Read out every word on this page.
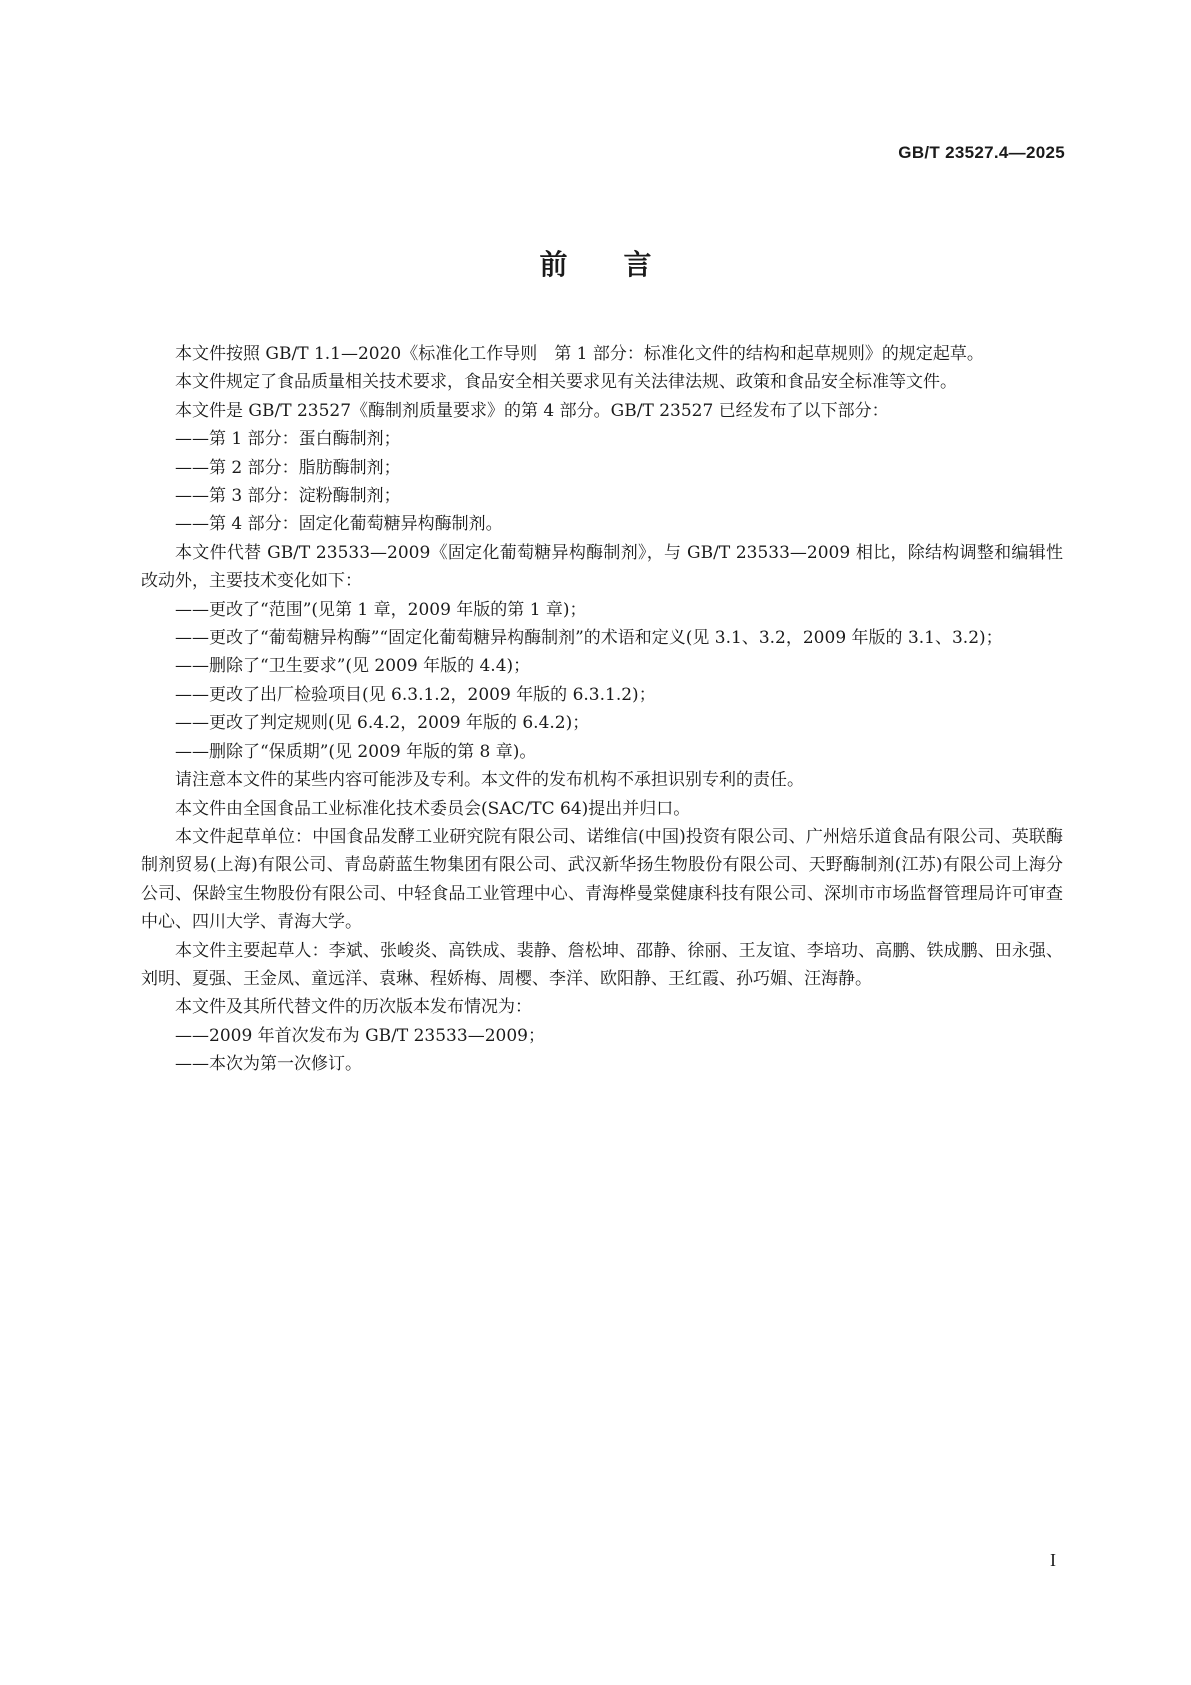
GB/T 23527.4—2025
前言

本文件按照 GB/T 1.1—2020《标准化工作导则　第 1 部分：标准化文件的结构和起草规则》的规定起草。

本文件规定了食品质量相关技术要求，食品安全相关要求见有关法律法规、政策和食品安全标准等文件。

本文件是 GB/T 23527《酶制剂质量要求》的第 4 部分。GB/T 23527 已经发布了以下部分：

——第 1 部分：蛋白酶制剂；

——第 2 部分：脂肪酶制剂；

——第 3 部分：淀粉酶制剂；

——第 4 部分：固定化葡萄糖异构酶制剂。

本文件代替 GB/T 23533—2009《固定化葡萄糖异构酶制剂》，与 GB/T 23533—2009 相比，除结构调整和编辑性改动外，主要技术变化如下：

——更改了“范围”(见第 1 章，2009 年版的第 1 章)；

——更改了“葡萄糖异构酶”“固定化葡萄糖异构酶制剂”的术语和定义(见 3.1、3.2，2009 年版的 3.1、3.2)；

——删除了“卫生要求”(见 2009 年版的 4.4)；

——更改了出厂检验项目(见 6.3.1.2，2009 年版的 6.3.1.2)；

——更改了判定规则(见 6.4.2，2009 年版的 6.4.2)；

——删除了“保质期”(见 2009 年版的第 8 章)。

请注意本文件的某些内容可能涉及专利。本文件的发布机构不承担识别专利的责任。

本文件由全国食品工业标准化技术委员会(SAC/TC 64)提出并归口。

本文件起草单位：中国食品发酵工业研究院有限公司、诺维信(中国)投资有限公司、广州焙乐道食品有限公司、英联酶制剂贸易(上海)有限公司、青岛蔚蓝生物集团有限公司、武汉新华扬生物股份有限公司、天野酶制剂(江苏)有限公司上海分公司、保龄宝生物股份有限公司、中轻食品工业管理中心、青海桦曼棠健康科技有限公司、深圳市市场监督管理局许可审查中心、四川大学、青海大学。

本文件主要起草人：李斌、张峻炎、高铁成、裴静、詹松坤、邵静、徐丽、王友谊、李培功、高鹏、铁成鹏、田永强、刘明、夏强、王金凤、童远洋、袁琳、程娇梅、周樱、李洋、欧阳静、王红霞、孙巧媚、汪海静。

本文件及其所代替文件的历次版本发布情况为：

——2009 年首次发布为 GB/T 23533—2009；

——本次为第一次修订。

I
